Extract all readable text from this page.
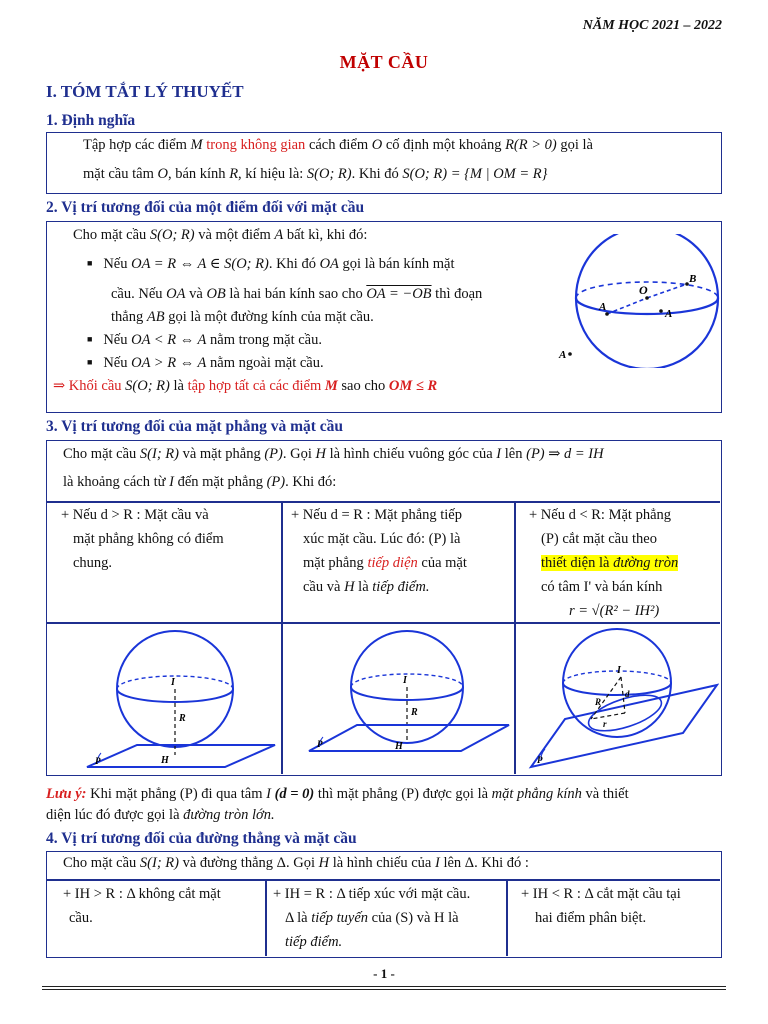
NĂM HỌC 2021 – 2022
MẶT CẦU
I. TÓM TẮT LÝ THUYẾT
1. Định nghĩa
Tập hợp các điểm M trong không gian cách điểm O cố định một khoảng R(R > 0) gọi là
mặt cầu tâm O, bán kính R, kí hiệu là: S(O; R). Khi đó S(O; R) = {M | OM = R}
2. Vị trí tương đối của một điểm đối với mặt cầu
Cho mặt cầu S(O; R) và một điểm A bất kì, khi đó:
■ Nếu OA = R ⇔ A ∈ S(O; R). Khi đó OA gọi là bán kính mặt
cầu. Nếu OA và OB là hai bán kính sao cho OA = −OB thì đoạn
thẳng AB gọi là một đường kính của mặt cầu.
■ Nếu OA < R ⇔ A nằm trong mặt cầu.
■ Nếu OA > R ⇔ A nằm ngoài mặt cầu.
⇒ Khối cầu S(O; R) là tập hợp tất cả các điểm M sao cho OM ≤ R
O
A
A
B
A
3. Vị trí tương đối của mặt phẳng và mặt cầu
Cho mặt cầu S(I; R) và mặt phẳng (P). Gọi H là hình chiếu vuông góc của I lên (P) ⇒ d = IH
là khoảng cách từ I đến mặt phẳng (P). Khi đó:
+ Nếu d > R : Mặt cầu và
mặt phẳng không có điểm
chung.
+ Nếu d = R : Mặt phẳng tiếp
xúc mặt cầu. Lúc đó: (P) là
mặt phẳng tiếp diện của mặt
cầu và H là tiếp điểm.
+ Nếu d < R: Mặt phẳng
(P) cắt mặt cầu theo
thiết diện là đường tròn
có tâm I' và bán kính
r = √(R² − IH²)
I
R
H
P
I
R
H
P
I
d
R
r
P
Lưu ý: Khi mặt phẳng (P) đi qua tâm I (d = 0) thì mặt phẳng (P) được gọi là mặt phẳng kính và thiết
diện lúc đó được gọi là đường tròn lớn.
4. Vị trí tương đối của đường thẳng và mặt cầu
Cho mặt cầu S(I; R) và đường thẳng Δ. Gọi H là hình chiếu của I lên Δ. Khi đó :
+ IH > R : Δ không cắt mặt
cầu.
+ IH = R : Δ tiếp xúc với mặt cầu.
Δ là tiếp tuyến của (S) và H là
tiếp điểm.
+ IH < R : Δ cắt mặt cầu tại
hai điểm phân biệt.
- 1 -
